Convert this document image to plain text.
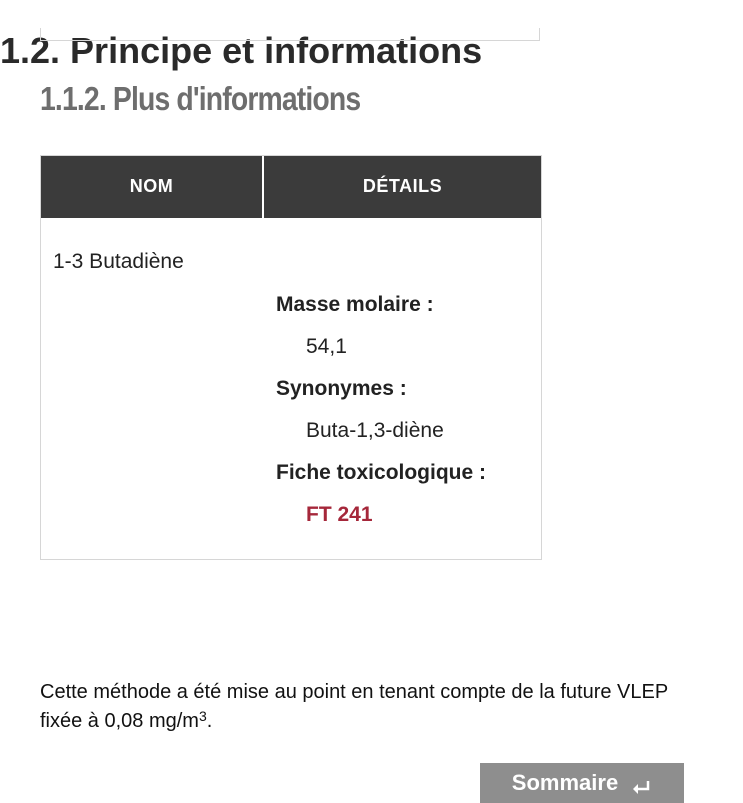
1.1.2. Plus d'informations
NOM	DÉTAILS
1-3 Butadiène
Masse molaire :
54,1
Synonymes :
Buta-1,3-diène
Fiche toxicologique :
FT 241
1.2. Principe et informations

Cette méthode a été mise au point en tenant compte de la future VLEP fixée à 0,08 $mg/m^3$.

Sommaire
